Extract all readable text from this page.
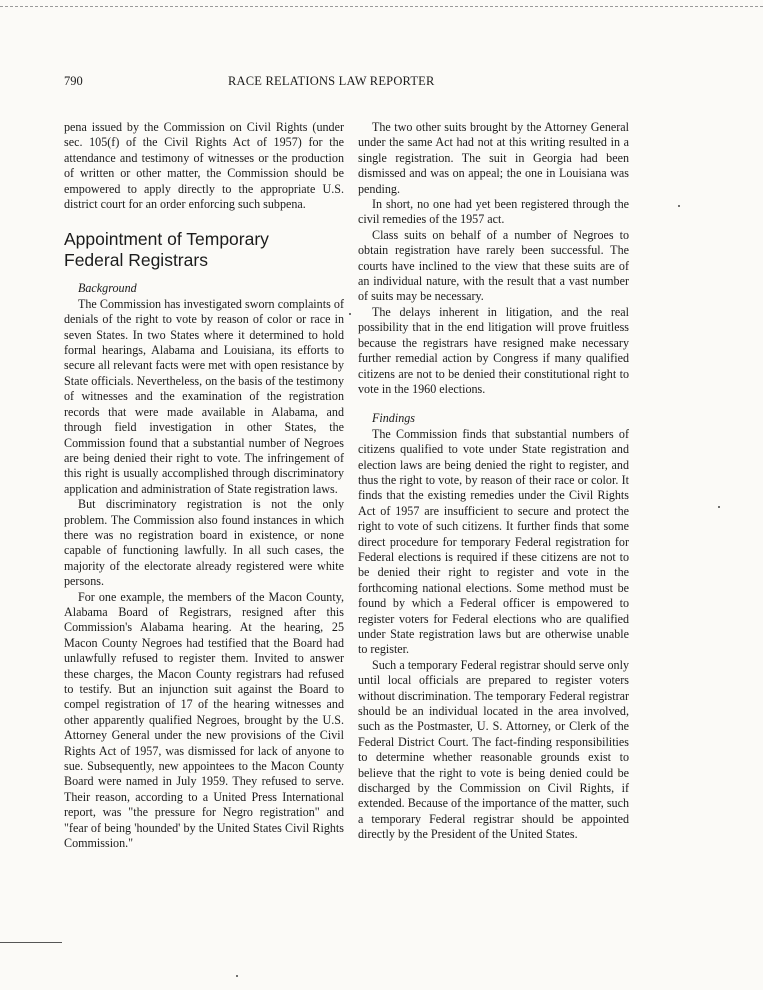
790	RACE RELATIONS LAW REPORTER

pena issued by the Commission on Civil Rights (under sec. 105(f) of the Civil Rights Act of 1957) for the attendance and testimony of witnesses or the production of written or other matter, the Commission should be empowered to apply directly to the appropriate U.S. district court for an order enforcing such subpena.

Appointment of Temporary
Federal Registrars

Background

The Commission has investigated sworn complaints of denials of the right to vote by reason of color or race in seven States. In two States where it determined to hold formal hearings, Alabama and Louisiana, its efforts to secure all relevant facts were met with open resistance by State officials. Nevertheless, on the basis of the testimony of witnesses and the examination of the registration records that were made available in Alabama, and through field investigation in other States, the Commission found that a substantial number of Negroes are being denied their right to vote. The infringement of this right is usually accomplished through discriminatory application and administration of State registration laws.

But discriminatory registration is not the only problem. The Commission also found instances in which there was no registration board in existence, or none capable of functioning lawfully. In all such cases, the majority of the electorate already registered were white persons.

For one example, the members of the Macon County, Alabama Board of Registrars, resigned after this Commission's Alabama hearing. At the hearing, 25 Macon County Negroes had testified that the Board had unlawfully refused to register them. Invited to answer these charges, the Macon County registrars had refused to testify. But an injunction suit against the Board to compel registration of 17 of the hearing witnesses and other apparently qualified Negroes, brought by the U.S. Attorney General under the new provisions of the Civil Rights Act of 1957, was dismissed for lack of anyone to sue. Subsequently, new appointees to the Macon County Board were named in July 1959. They refused to serve. Their reason, according to a United Press International report, was "the pressure for Negro registration" and "fear of being 'hounded' by the United States Civil Rights Commission."

The two other suits brought by the Attorney General under the same Act had not at this writing resulted in a single registration. The suit in Georgia had been dismissed and was on appeal; the one in Louisiana was pending.

In short, no one had yet been registered through the civil remedies of the 1957 act.

Class suits on behalf of a number of Negroes to obtain registration have rarely been successful. The courts have inclined to the view that these suits are of an individual nature, with the result that a vast number of suits may be necessary.

The delays inherent in litigation, and the real possibility that in the end litigation will prove fruitless because the registrars have resigned make necessary further remedial action by Congress if many qualified citizens are not to be denied their constitutional right to vote in the 1960 elections.

Findings

The Commission finds that substantial numbers of citizens qualified to vote under State registration and election laws are being denied the right to register, and thus the right to vote, by reason of their race or color. It finds that the existing remedies under the Civil Rights Act of 1957 are insufficient to secure and protect the right to vote of such citizens. It further finds that some direct procedure for temporary Federal registration for Federal elections is required if these citizens are not to be denied their right to register and vote in the forthcoming national elections. Some method must be found by which a Federal officer is empowered to register voters for Federal elections who are qualified under State registration laws but are otherwise unable to register.

Such a temporary Federal registrar should serve only until local officials are prepared to register voters without discrimination. The temporary Federal registrar should be an individual located in the area involved, such as the Postmaster, U. S. Attorney, or Clerk of the Federal District Court. The fact-finding responsibilities to determine whether reasonable grounds exist to believe that the right to vote is being denied could be discharged by the Commission on Civil Rights, if extended. Because of the importance of the matter, such a temporary Federal registrar should be appointed directly by the President of the United States.
